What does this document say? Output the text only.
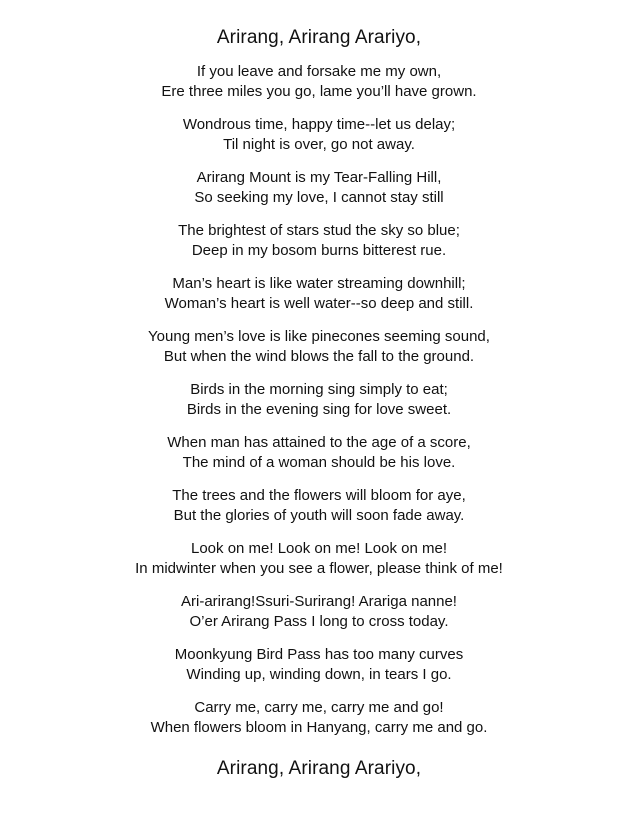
Arirang, Arirang Arariyo,
If you leave and forsake me my own,
Ere three miles you go, lame you’ll have grown.
Wondrous time, happy time--let us delay;
Til night is over, go not away.
Arirang Mount is my Tear-Falling Hill,
So seeking my love, I cannot stay still
The brightest of stars stud the sky so blue;
Deep in my bosom burns bitterest rue.
Man’s heart is like water streaming downhill;
Woman’s heart is well water--so deep and still.
Young men’s love is like pinecones seeming sound,
But when the wind blows the fall to the ground.
Birds in the morning sing simply to eat;
Birds in the evening sing for love sweet.
When man has attained to the age of a score,
The mind of a woman should be his love.
The trees and the flowers will bloom for aye,
But the glories of youth will soon fade away.
Look on me! Look on me! Look on me!
In midwinter when you see a flower, please think of me!
Ari-arirang!Ssuri-Surirang! Arariga nanne!
O’er Arirang Pass I long to cross today.
Moonkyung Bird Pass has too many curves
Winding up, winding down, in tears I go.
Carry me, carry me, carry me and go!
When flowers bloom in Hanyang, carry me and go.
Arirang, Arirang Arariyo,
